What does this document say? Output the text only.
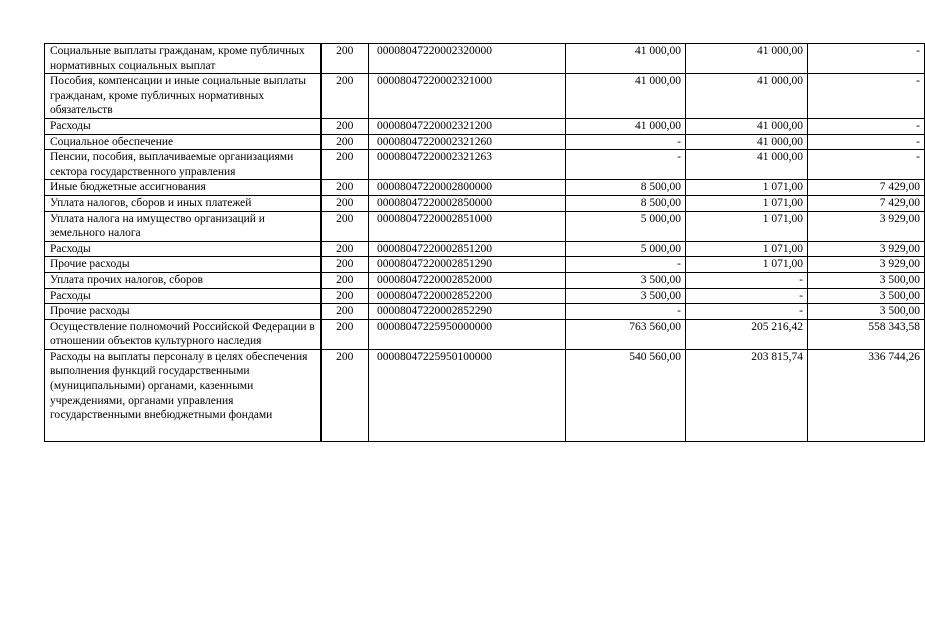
Социальные выплаты гражданам, кроме публичных нормативных социальных выплат	200	00008047220002320000	41 000,00	41 000,00	-
Пособия, компенсации и иные социальные выплаты гражданам, кроме публичных нормативных обязательств	200	00008047220002321000	41 000,00	41 000,00	-
Расходы	200	00008047220002321200	41 000,00	41 000,00	-
Социальное обеспечение	200	00008047220002321260	-	41 000,00	-
Пенсии, пособия, выплачиваемые организациями сектора государственного управления	200	00008047220002321263	-	41 000,00	-
Иные бюджетные ассигнования	200	00008047220002800000	8 500,00	1 071,00	7 429,00
Уплата налогов, сборов и иных платежей	200	00008047220002850000	8 500,00	1 071,00	7 429,00
Уплата налога на имущество организаций и земельного налога	200	00008047220002851000	5 000,00	1 071,00	3 929,00
Расходы	200	00008047220002851200	5 000,00	1 071,00	3 929,00
Прочие расходы	200	00008047220002851290	-	1 071,00	3 929,00
Уплата прочих налогов, сборов	200	00008047220002852000	3 500,00	-	3 500,00
Расходы	200	00008047220002852200	3 500,00	-	3 500,00
Прочие расходы	200	00008047220002852290	-	-	3 500,00
Осуществление полномочий Российской Федерации в отношении объектов культурного наследия	200	00008047225950000000	763 560,00	205 216,42	558 343,58
Расходы на выплаты персоналу в целях обеспечения выполнения функций государственными (муниципальными) органами, казенными учреждениями, органами управления государственными внебюджетными фондами	200	00008047225950100000	540 560,00	203 815,74	336 744,26
